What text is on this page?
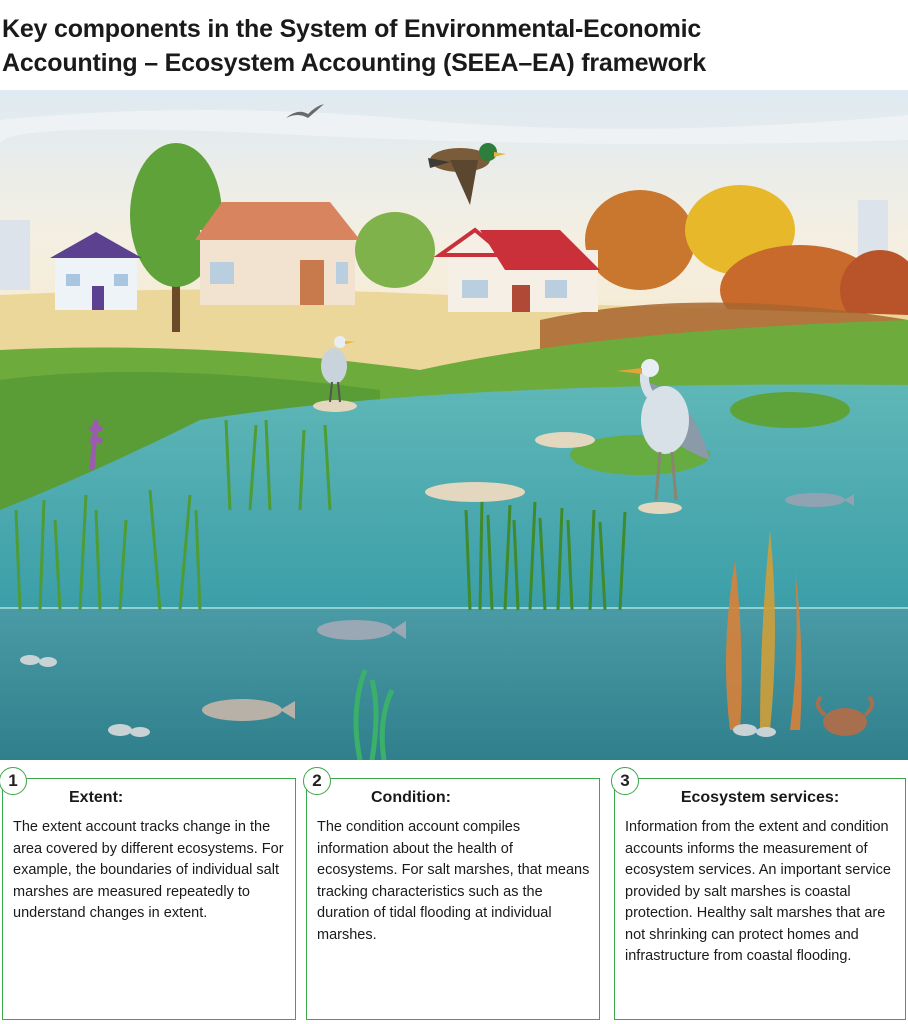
Key components in the System of Environmental-Economic
Accounting – Ecosystem Accounting (SEEA–EA) framework
1
Extent:

The extent account tracks change in the area covered by different ecosystems. For example, the boundaries of individual salt marshes are measured repeatedly to understand changes in extent.

2
Condition:

The condition account compiles information about the health of ecosystems. For salt marshes, that means tracking characteristics such as the duration of tidal flooding at individual marshes.

3
Ecosystem services:

Information from the extent and condition accounts informs the measurement of ecosystem services. An important service provided by salt marshes is coastal protection. Healthy salt marshes that are not shrinking can protect homes and infrastructure from coastal flooding.
